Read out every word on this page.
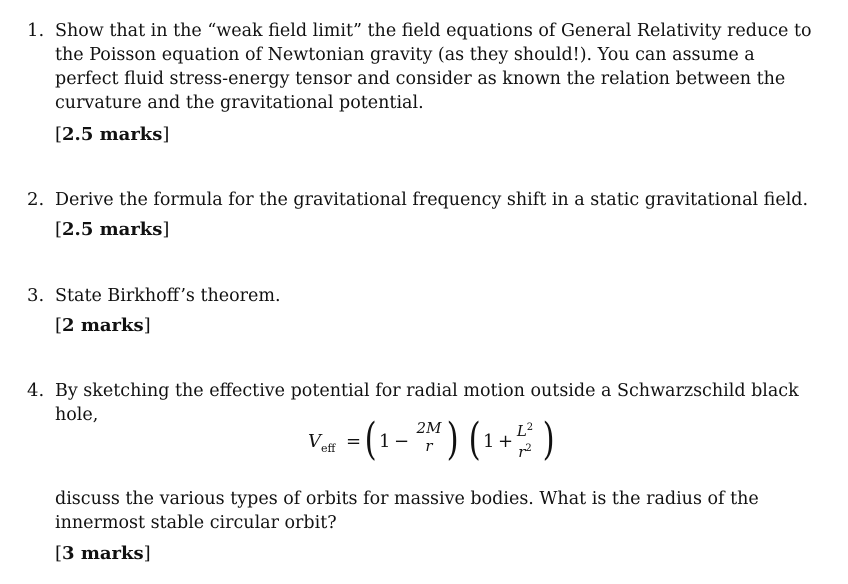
1. Show that in the “weak field limit” the field equations of General Relativity reduce to the Poisson equation of Newtonian gravity (as they should!). You can assume a perfect fluid stress-energy tensor and consider as known the relation between the curvature and the gravitational potential.
[2.5 marks]
2. Derive the formula for the gravitational frequency shift in a static gravitational field.
[2.5 marks]
3. State Birkhoff’s theorem.
[2 marks]
4. By sketching the effective potential for radial motion outside a Schwarzschild black hole,
$V_{eff}$ = ( 1 −
2M
r ) ( $1 + L^2$
$r^2$ )
discuss the various types of orbits for massive bodies. What is the radius of the innermost stable circular orbit?
[3 marks]
